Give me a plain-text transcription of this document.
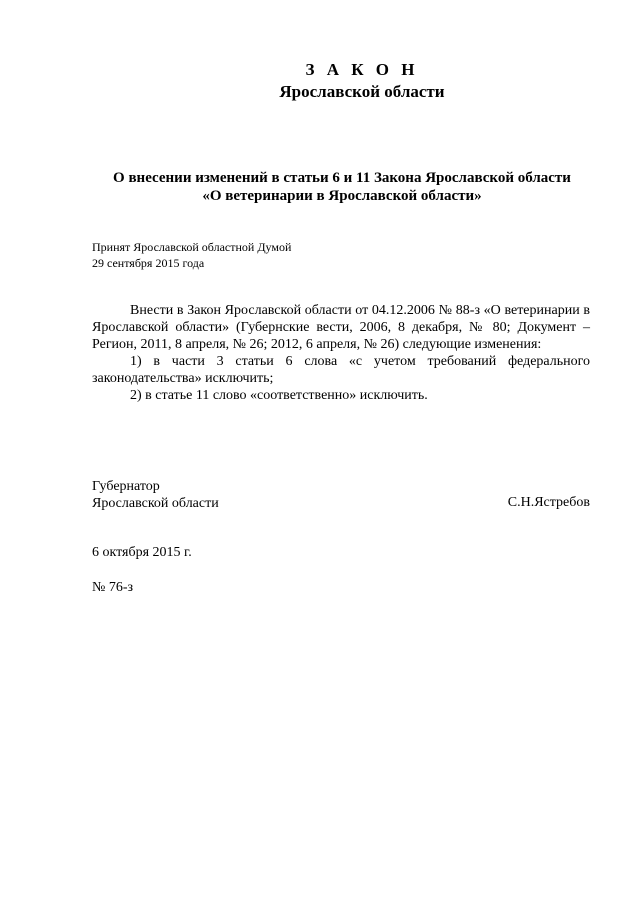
З А К О Н
Ярославской области
О внесении изменений в статьи 6 и 11 Закона Ярославской области
«О ветеринарии в Ярославской области»
Принят Ярославской областной Думой
29 сентября 2015 года

Внести в Закон Ярославской области от 04.12.2006 № 88-з «О ветеринарии в Ярославской области» (Губернские вести, 2006, 8 декабря, № 80; Документ – Регион, 2011, 8 апреля, № 26; 2012, 6 апреля, № 26) следующие изменения:

1) в части 3 статьи 6 слова «с учетом требований федерального законодательства» исключить;

2) в статье 11 слово «соответственно» исключить.

Губернатор
Ярославской области	С.Н.Ястребов
6 октября 2015 г.
№ 76-з
